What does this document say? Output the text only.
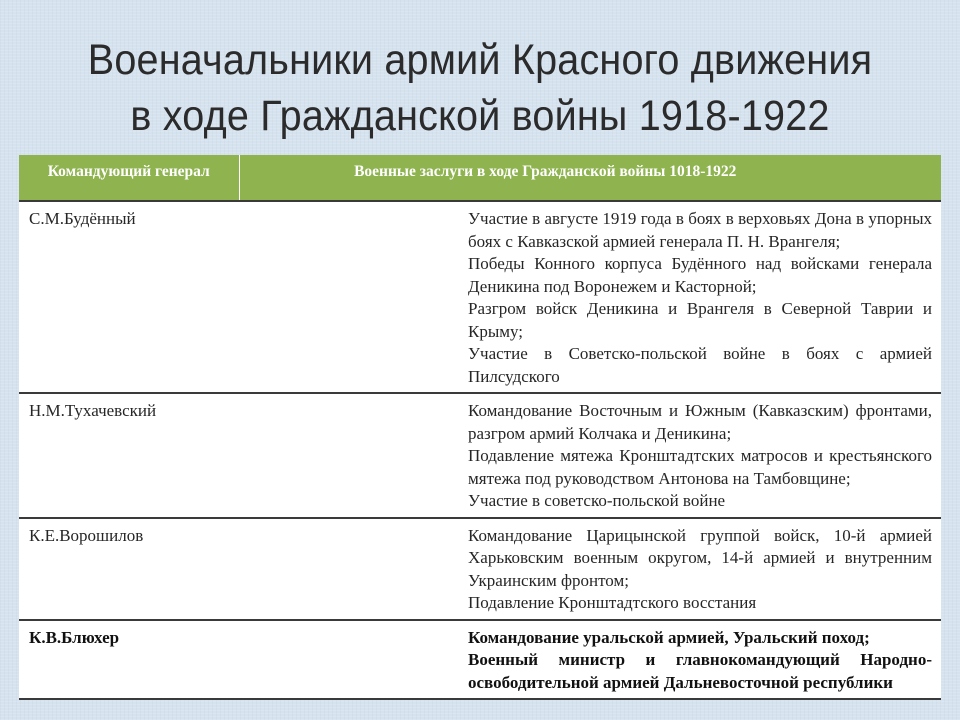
Военачальники армий Красного движения
в ходе Гражданской войны 1918-1922
Командующий генерал	Военные заслуги в ходе Гражданской войны 1018-1922
С.М.Будённый	Участие в августе 1919 года в боях в верховьях Дона в упорных боях с Кавказской армией генерала П. Н. Врангеля;
Победы Конного корпуса Будённого над войсками генерала Деникина под Воронежем и Касторной;
Разгром войск Деникина и Врангеля в Северной Таврии и Крыму;
Участие в Советско-польской войне в боях с армией Пилсудского

Н.М.Тухачевский	Командование Восточным и Южным (Кавказским) фронтами, разгром армий Колчака и Деникина;
Подавление мятежа Кронштадтских матросов и крестьянского мятежа под руководством Антонова на Тамбовщине;
Участие в советско-польской войне

К.Е.Ворошилов	Командование Царицынской группой войск, 10-й армией Харьковским военным округом, 14-й армией и внутренним Украинским фронтом;
Подавление Кронштадтского восстания

К.В.Блюхер	Командование уральской армией, Уральский поход;
Военный министр и главнокомандующий Народно-освободительной армией Дальневосточной республики
